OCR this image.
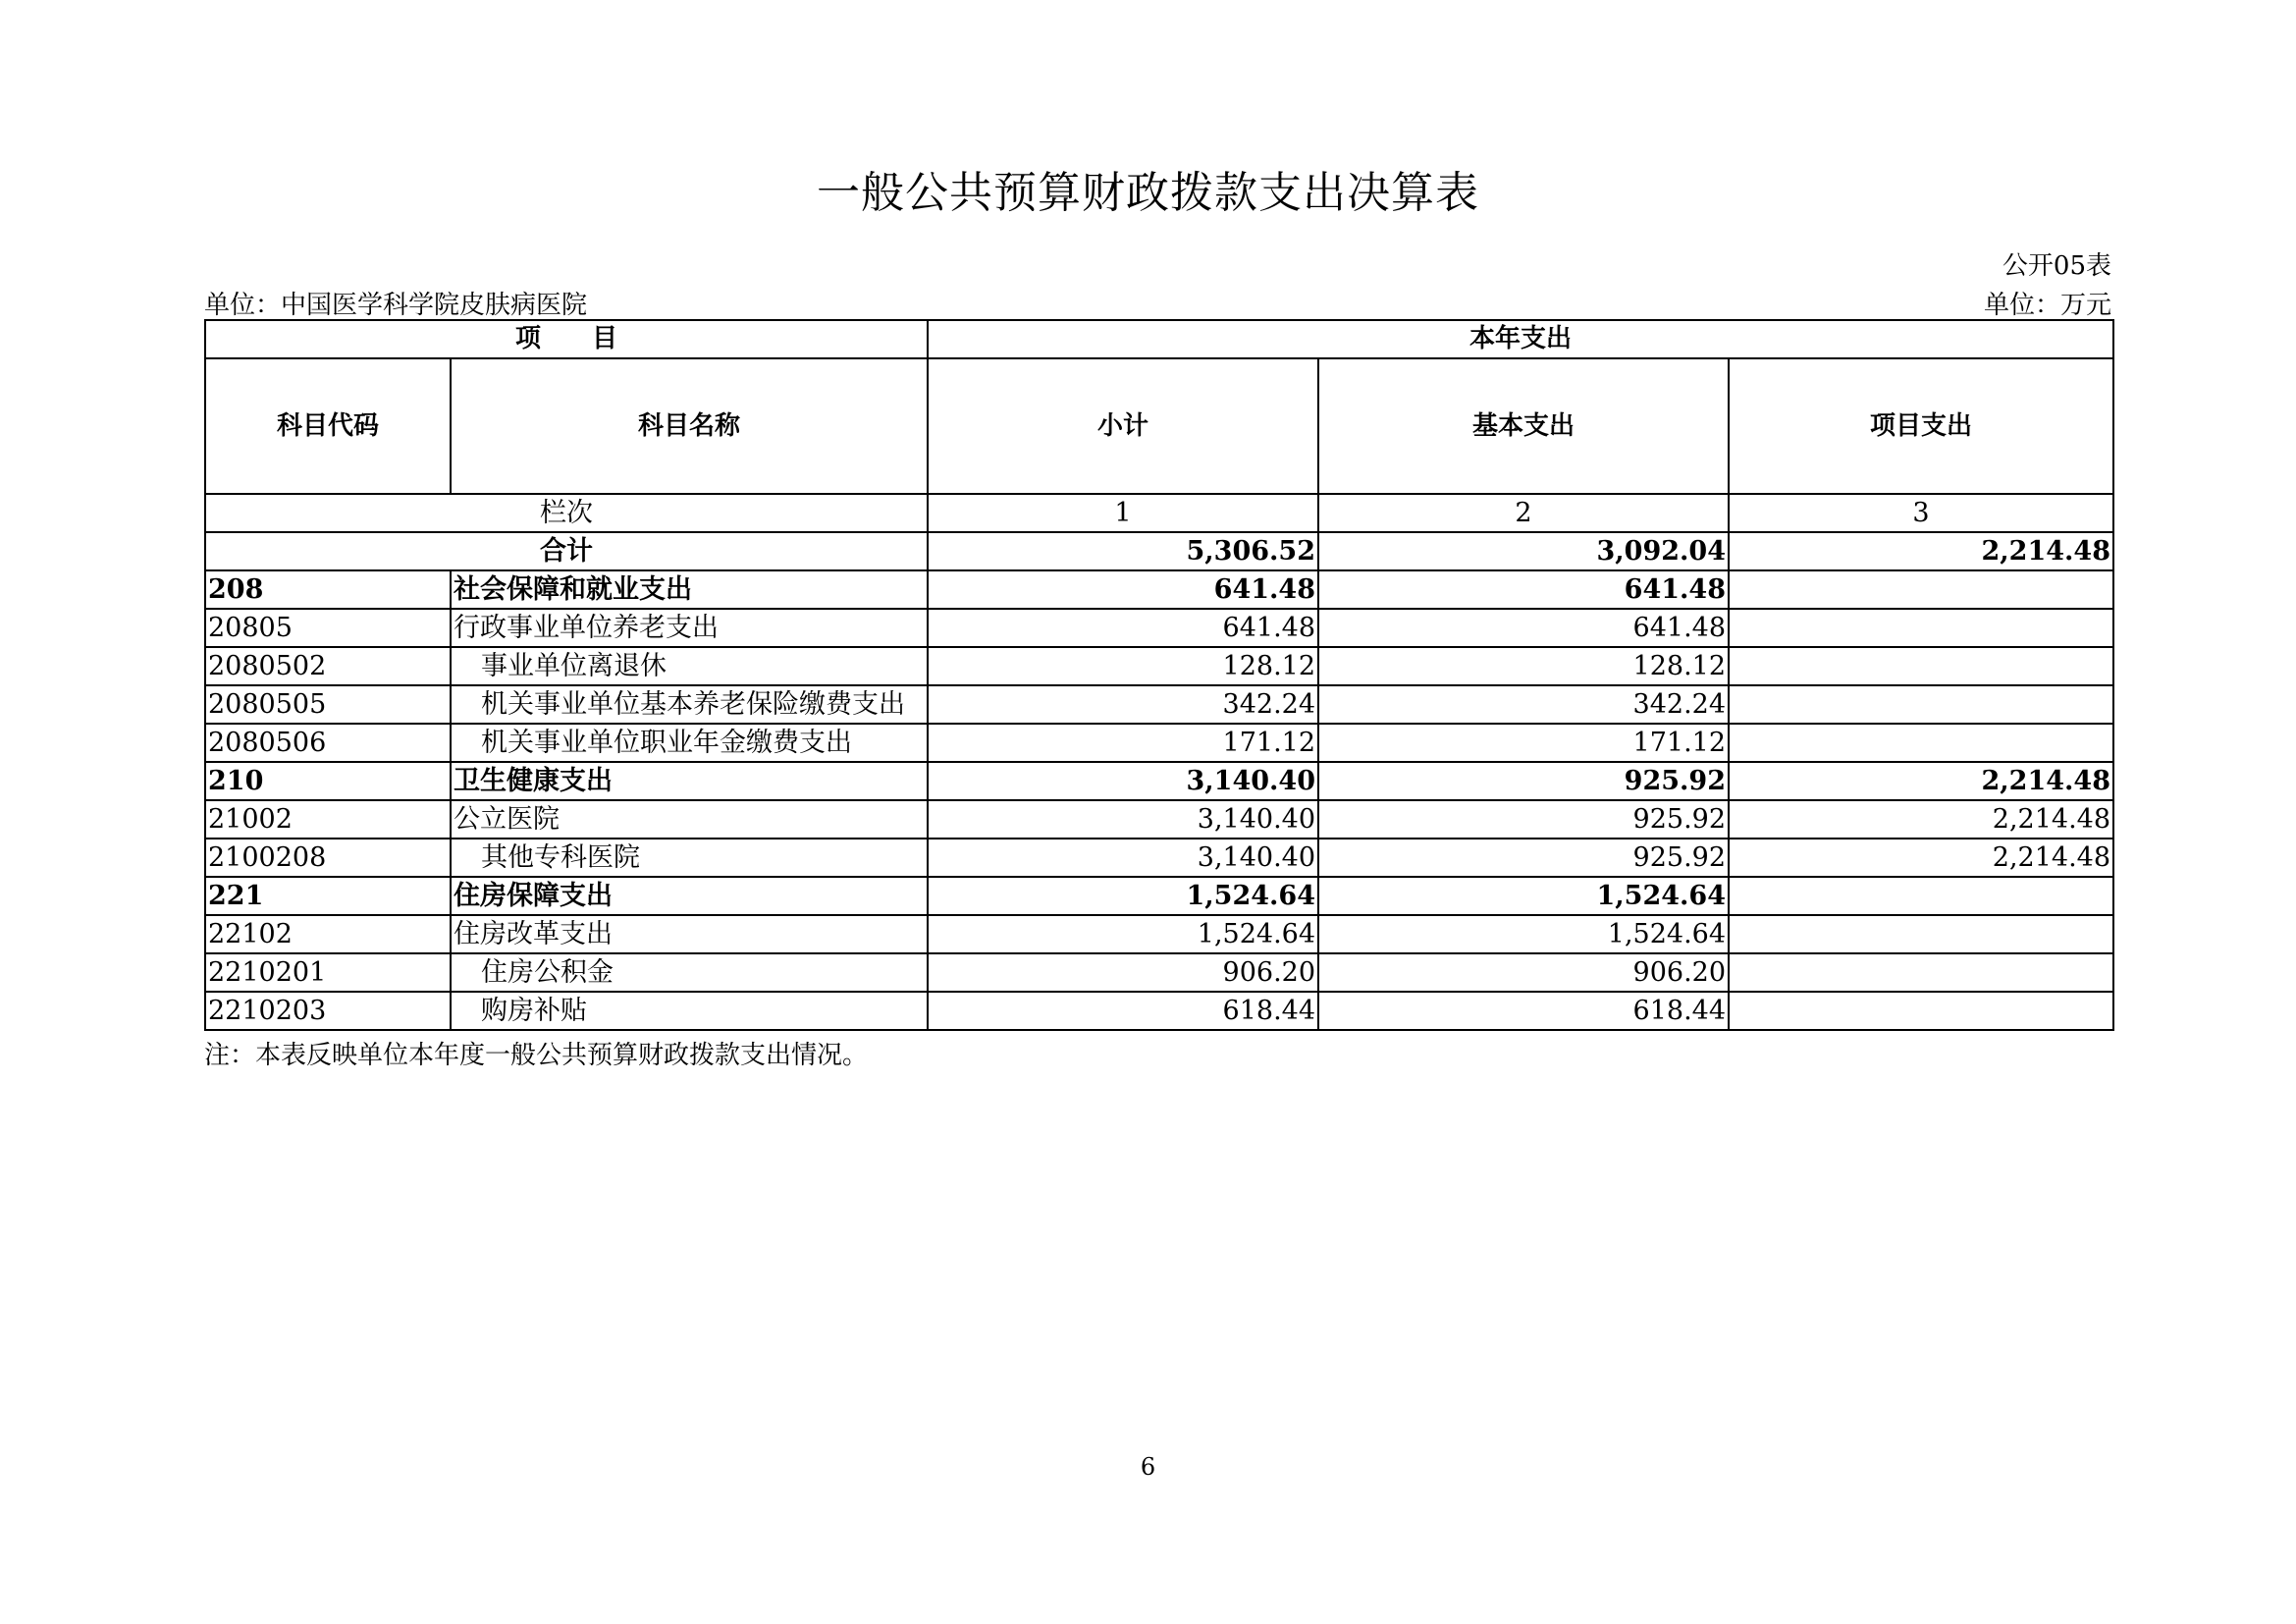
一般公共预算财政拨款支出决算表
公开05表
单位：中国医学科学院皮肤病医院	单位：万元
项　　目		本年支出		
科目代码	科目名称	小计	基本支出	项目支出
栏次		1	2	3
合计		5,306.52	3,092.04	2,214.48
208	社会保障和就业支出	641.48	641.48	
20805	行政事业单位养老支出	641.48	641.48	
2080502	事业单位离退休	128.12	128.12	
2080505	机关事业单位基本养老保险缴费支出	342.24	342.24	
2080506	机关事业单位职业年金缴费支出	171.12	171.12	
210	卫生健康支出	3,140.40	925.92	2,214.48
21002	公立医院	3,140.40	925.92	2,214.48
2100208	其他专科医院	3,140.40	925.92	2,214.48
221	住房保障支出	1,524.64	1,524.64	
22102	住房改革支出	1,524.64	1,524.64	
2210201	住房公积金	906.20	906.20	
2210203	购房补贴	618.44	618.44	
注：本表反映单位本年度一般公共预算财政拨款支出情况。
6
